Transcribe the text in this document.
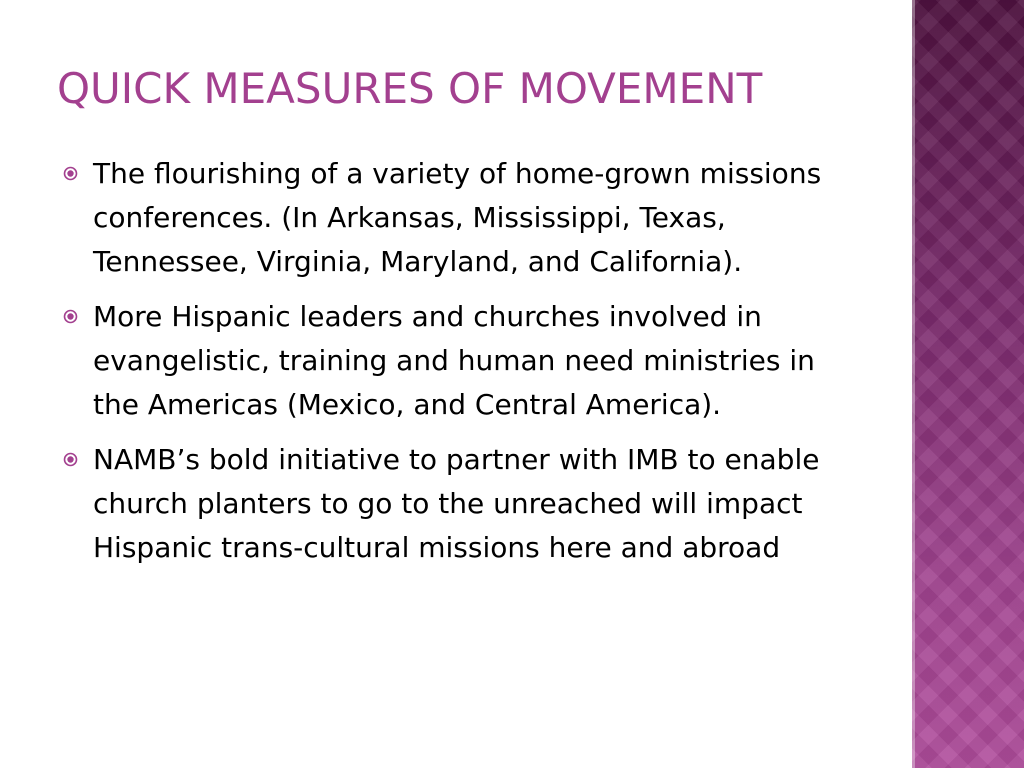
QUICK MEASURES OF MOVEMENT
The flourishing of a variety of home-grown missions conferences. (In Arkansas, Mississippi, Texas, Tennessee, Virginia, Maryland, and California).
More Hispanic leaders and churches involved in evangelistic, training and human need ministries in the Americas (Mexico, and Central America).
NAMB’s bold initiative to partner with IMB to enable church planters to go to the unreached will impact Hispanic trans-cultural missions here and abroad
